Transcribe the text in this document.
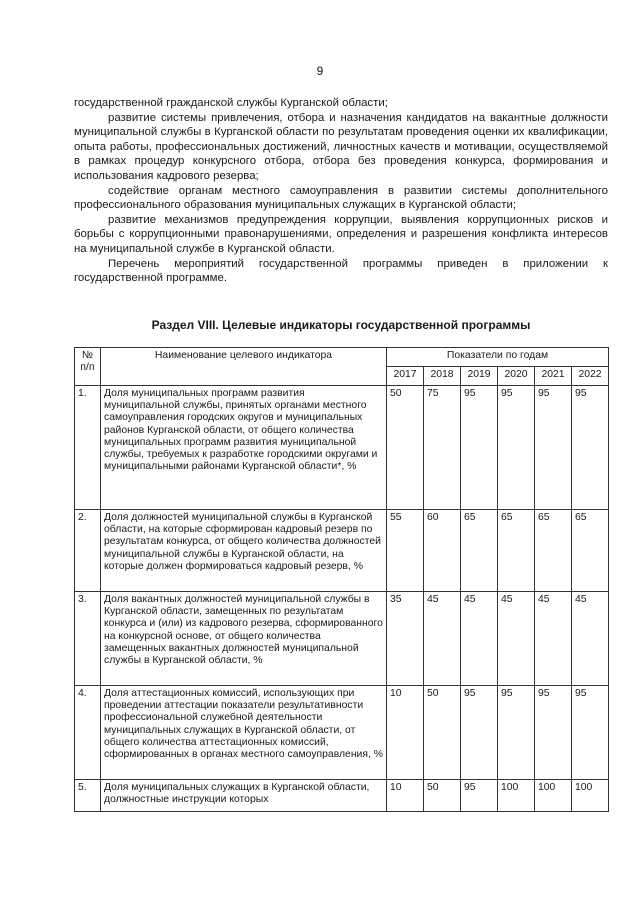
9

государственной гражданской службы Курганской области;

развитие системы привлечения, отбора и назначения кандидатов на вакантные должности муниципальной службы в Курганской области по результатам проведения оценки их квалификации, опыта работы, профессиональных достижений, личностных качеств и мотивации, осуществляемой в рамках процедур конкурсного отбора, отбора без проведения конкурса, формирования и использования кадрового резерва;

содействие органам местного самоуправления в развитии системы дополнительного профессионального образования муниципальных служащих в Курганской области;

развитие механизмов предупреждения коррупции, выявления коррупционных рисков и борьбы с коррупционными правонарушениями, определения и разрешения конфликта интересов на муниципальной службе в Курганской области.

Перечень мероприятий государственной программы приведен в приложении к государственной программе.

Раздел VIII. Целевые индикаторы государственной программы
№ п/п	Наименование целевого индикатора	Показатели по годам					
		2017	2018	2019	2020	2021	2022
1.	Доля муниципальных программ развития муниципальной службы, принятых органами местного самоуправления городских округов и муниципальных районов Курганской области, от общего количества муниципальных программ развития муниципальной службы, требуемых к разработке городскими округами и муниципальными районами Курганской области*, %	50	75	95	95	95	95
2.	Доля должностей муниципальной службы в Курганской области, на которые сформирован кадровый резерв по результатам конкурса, от общего количества должностей муниципальной службы в Курганской области, на которые должен формироваться кадровый резерв, %	55	60	65	65	65	65
3.	Доля вакантных должностей муниципальной службы в Курганской области, замещенных по результатам конкурса и (или) из кадрового резерва, сформированного на конкурсной основе, от общего количества замещенных вакантных должностей муниципальной службы в Курганской области, %	35	45	45	45	45	45
4.	Доля аттестационных комиссий, использующих при проведении аттестации показатели результативности профессиональной служебной деятельности муниципальных служащих в Курганской области, от общего количества аттестационных комиссий, сформированных в органах местного самоуправления, %	10	50	95	95	95	95
5.	Доля муниципальных служащих в Курганской области, должностные инструкции которых	10	50	95	100	100	100
